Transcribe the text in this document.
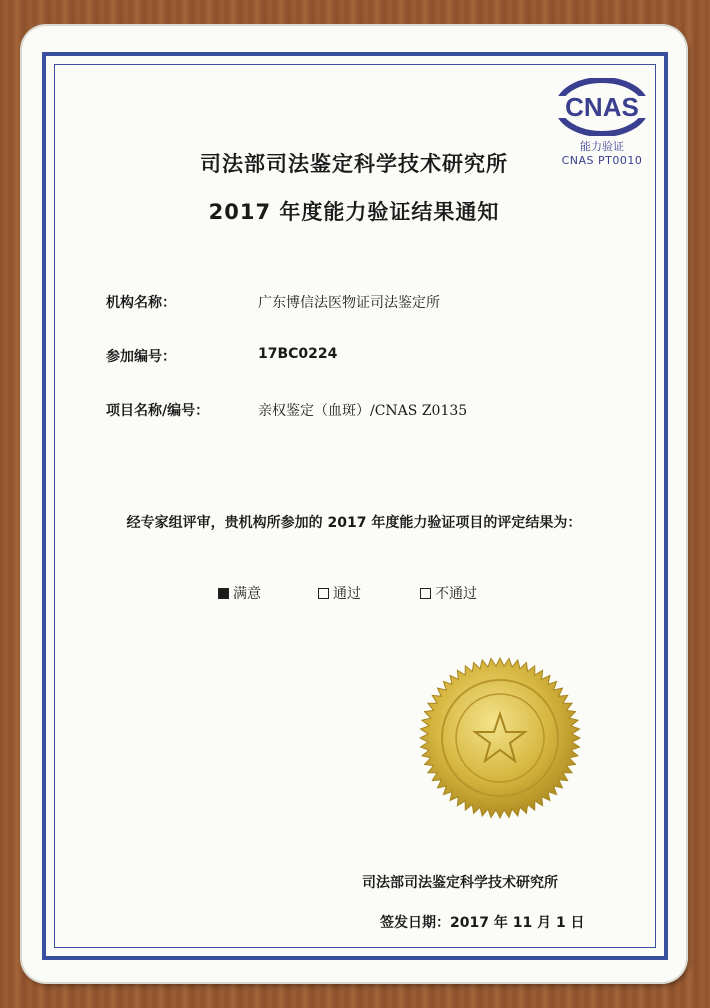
CNAS
能力验证
CNAS PT0010
司法部司法鉴定科学技术研究所
2017 年度能力验证结果通知
机构名称：	广东博信法医物证司法鉴定所
参加编号：	17BC0224
项目名称/编号：	亲权鉴定（血斑）/CNAS Z0135
经专家组评审，贵机构所参加的 2017 年度能力验证项目的评定结果为：
满意	通过	不通过
司法部司法鉴定科学技术研究所
签发日期：2017 年 11 月 1 日
